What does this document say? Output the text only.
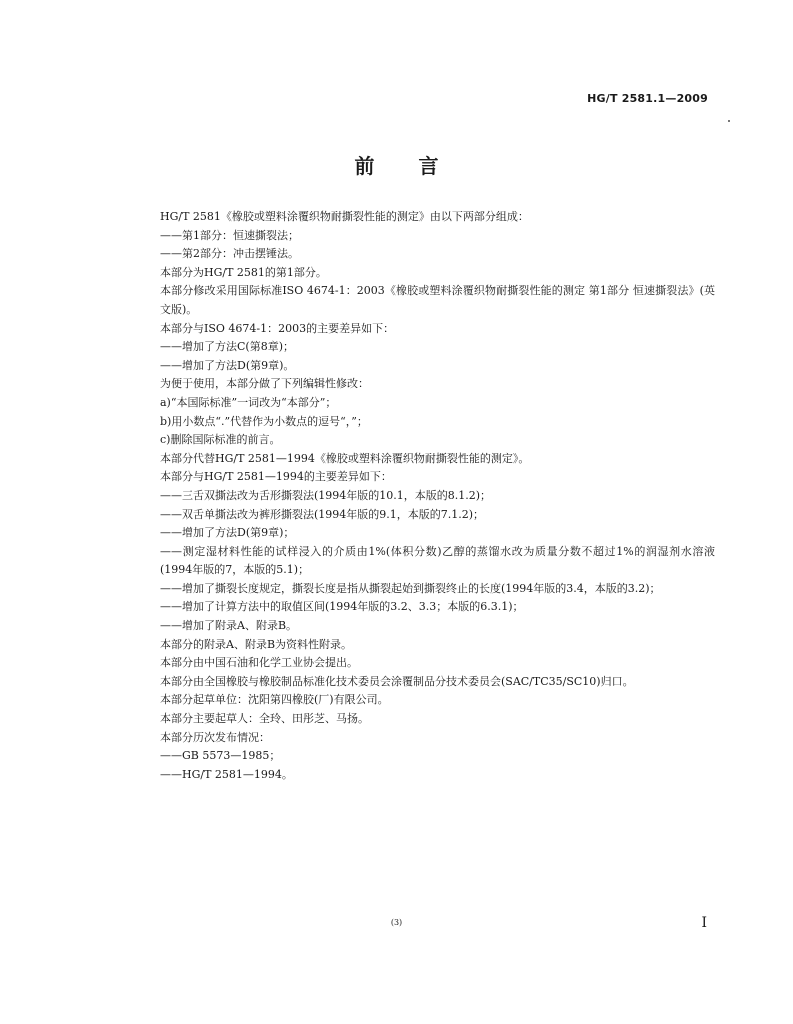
HG/T 2581.1—2009
前言

HG/T 2581《橡胶或塑料涂覆织物耐撕裂性能的测定》由以下两部分组成：

——第1部分：恒速撕裂法；

——第2部分：冲击摆锤法。

本部分为HG/T 2581的第1部分。

本部分修改采用国际标准ISO 4674-1：2003《橡胶或塑料涂覆织物耐撕裂性能的测定 第1部分 恒速撕裂法》(英文版)。

本部分与ISO 4674-1：2003的主要差异如下：

——增加了方法C(第8章)；

——增加了方法D(第9章)。

为便于使用，本部分做了下列编辑性修改：

a)“本国际标准”一词改为“本部分”；

b)用小数点“.”代替作为小数点的逗号“，”；

c)删除国际标准的前言。

本部分代替HG/T 2581—1994《橡胶或塑料涂覆织物耐撕裂性能的测定》。

本部分与HG/T 2581—1994的主要差异如下：

——三舌双撕法改为舌形撕裂法(1994年版的10.1，本版的8.1.2)；

——双舌单撕法改为裤形撕裂法(1994年版的9.1，本版的7.1.2)；

——增加了方法D(第9章)；

——测定湿材料性能的试样浸入的介质由1%(体积分数)乙醇的蒸馏水改为质量分数不超过1%的润湿剂水溶液(1994年版的7，本版的5.1)；

——增加了撕裂长度规定，撕裂长度是指从撕裂起始到撕裂终止的长度(1994年版的3.4，本版的3.2)；

——增加了计算方法中的取值区间(1994年版的3.2、3.3；本版的6.3.1)；

——增加了附录A、附录B。

本部分的附录A、附录B为资料性附录。

本部分由中国石油和化学工业协会提出。

本部分由全国橡胶与橡胶制品标准化技术委员会涂覆制品分技术委员会(SAC/TC35/SC10)归口。

本部分起草单位：沈阳第四橡胶(厂)有限公司。

本部分主要起草人：全玲、田彤芝、马扬。

本部分历次发布情况：

——GB 5573—1985；

——HG/T 2581—1994。

(3)	I
